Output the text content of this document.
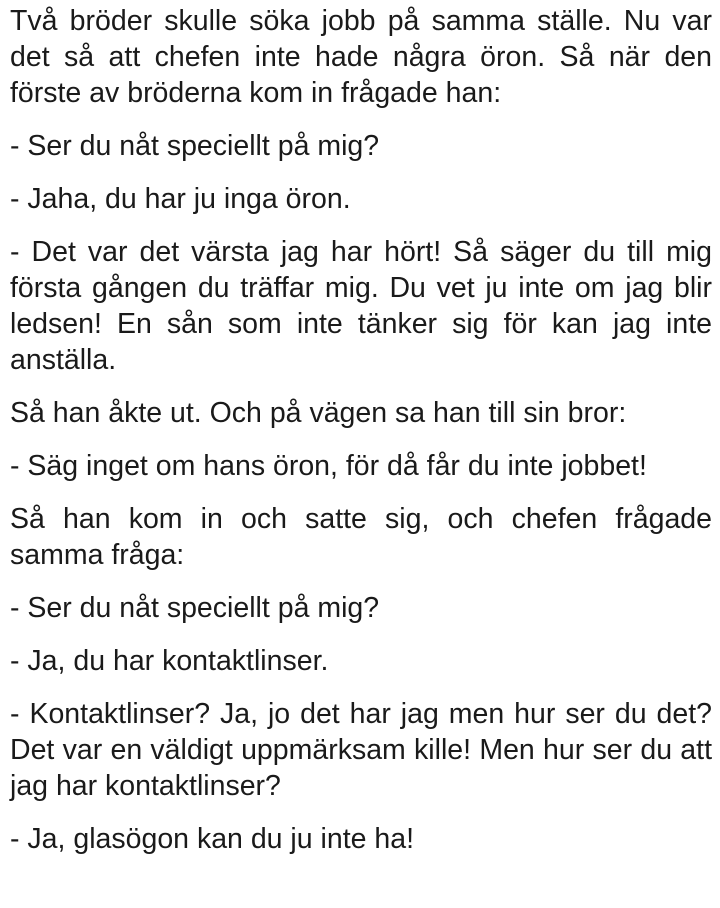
Två bröder skulle söka jobb på samma ställe. Nu var det så att chefen inte hade några öron. Så när den förste av bröderna kom in frågade han:

- Ser du nåt speciellt på mig?

- Jaha, du har ju inga öron.

- Det var det värsta jag har hört! Så säger du till mig första gången du träffar mig. Du vet ju inte om jag blir ledsen! En sån som inte tänker sig för kan jag inte anställa.

Så han åkte ut. Och på vägen sa han till sin bror:

- Säg inget om hans öron, för då får du inte jobbet!

Så han kom in och satte sig, och chefen frågade samma fråga:

- Ser du nåt speciellt på mig?

- Ja, du har kontaktlinser.

- Kontaktlinser? Ja, jo det har jag men hur ser du det? Det var en väldigt uppmärksam kille! Men hur ser du att jag har kontaktlinser?

- Ja, glasögon kan du ju inte ha!
